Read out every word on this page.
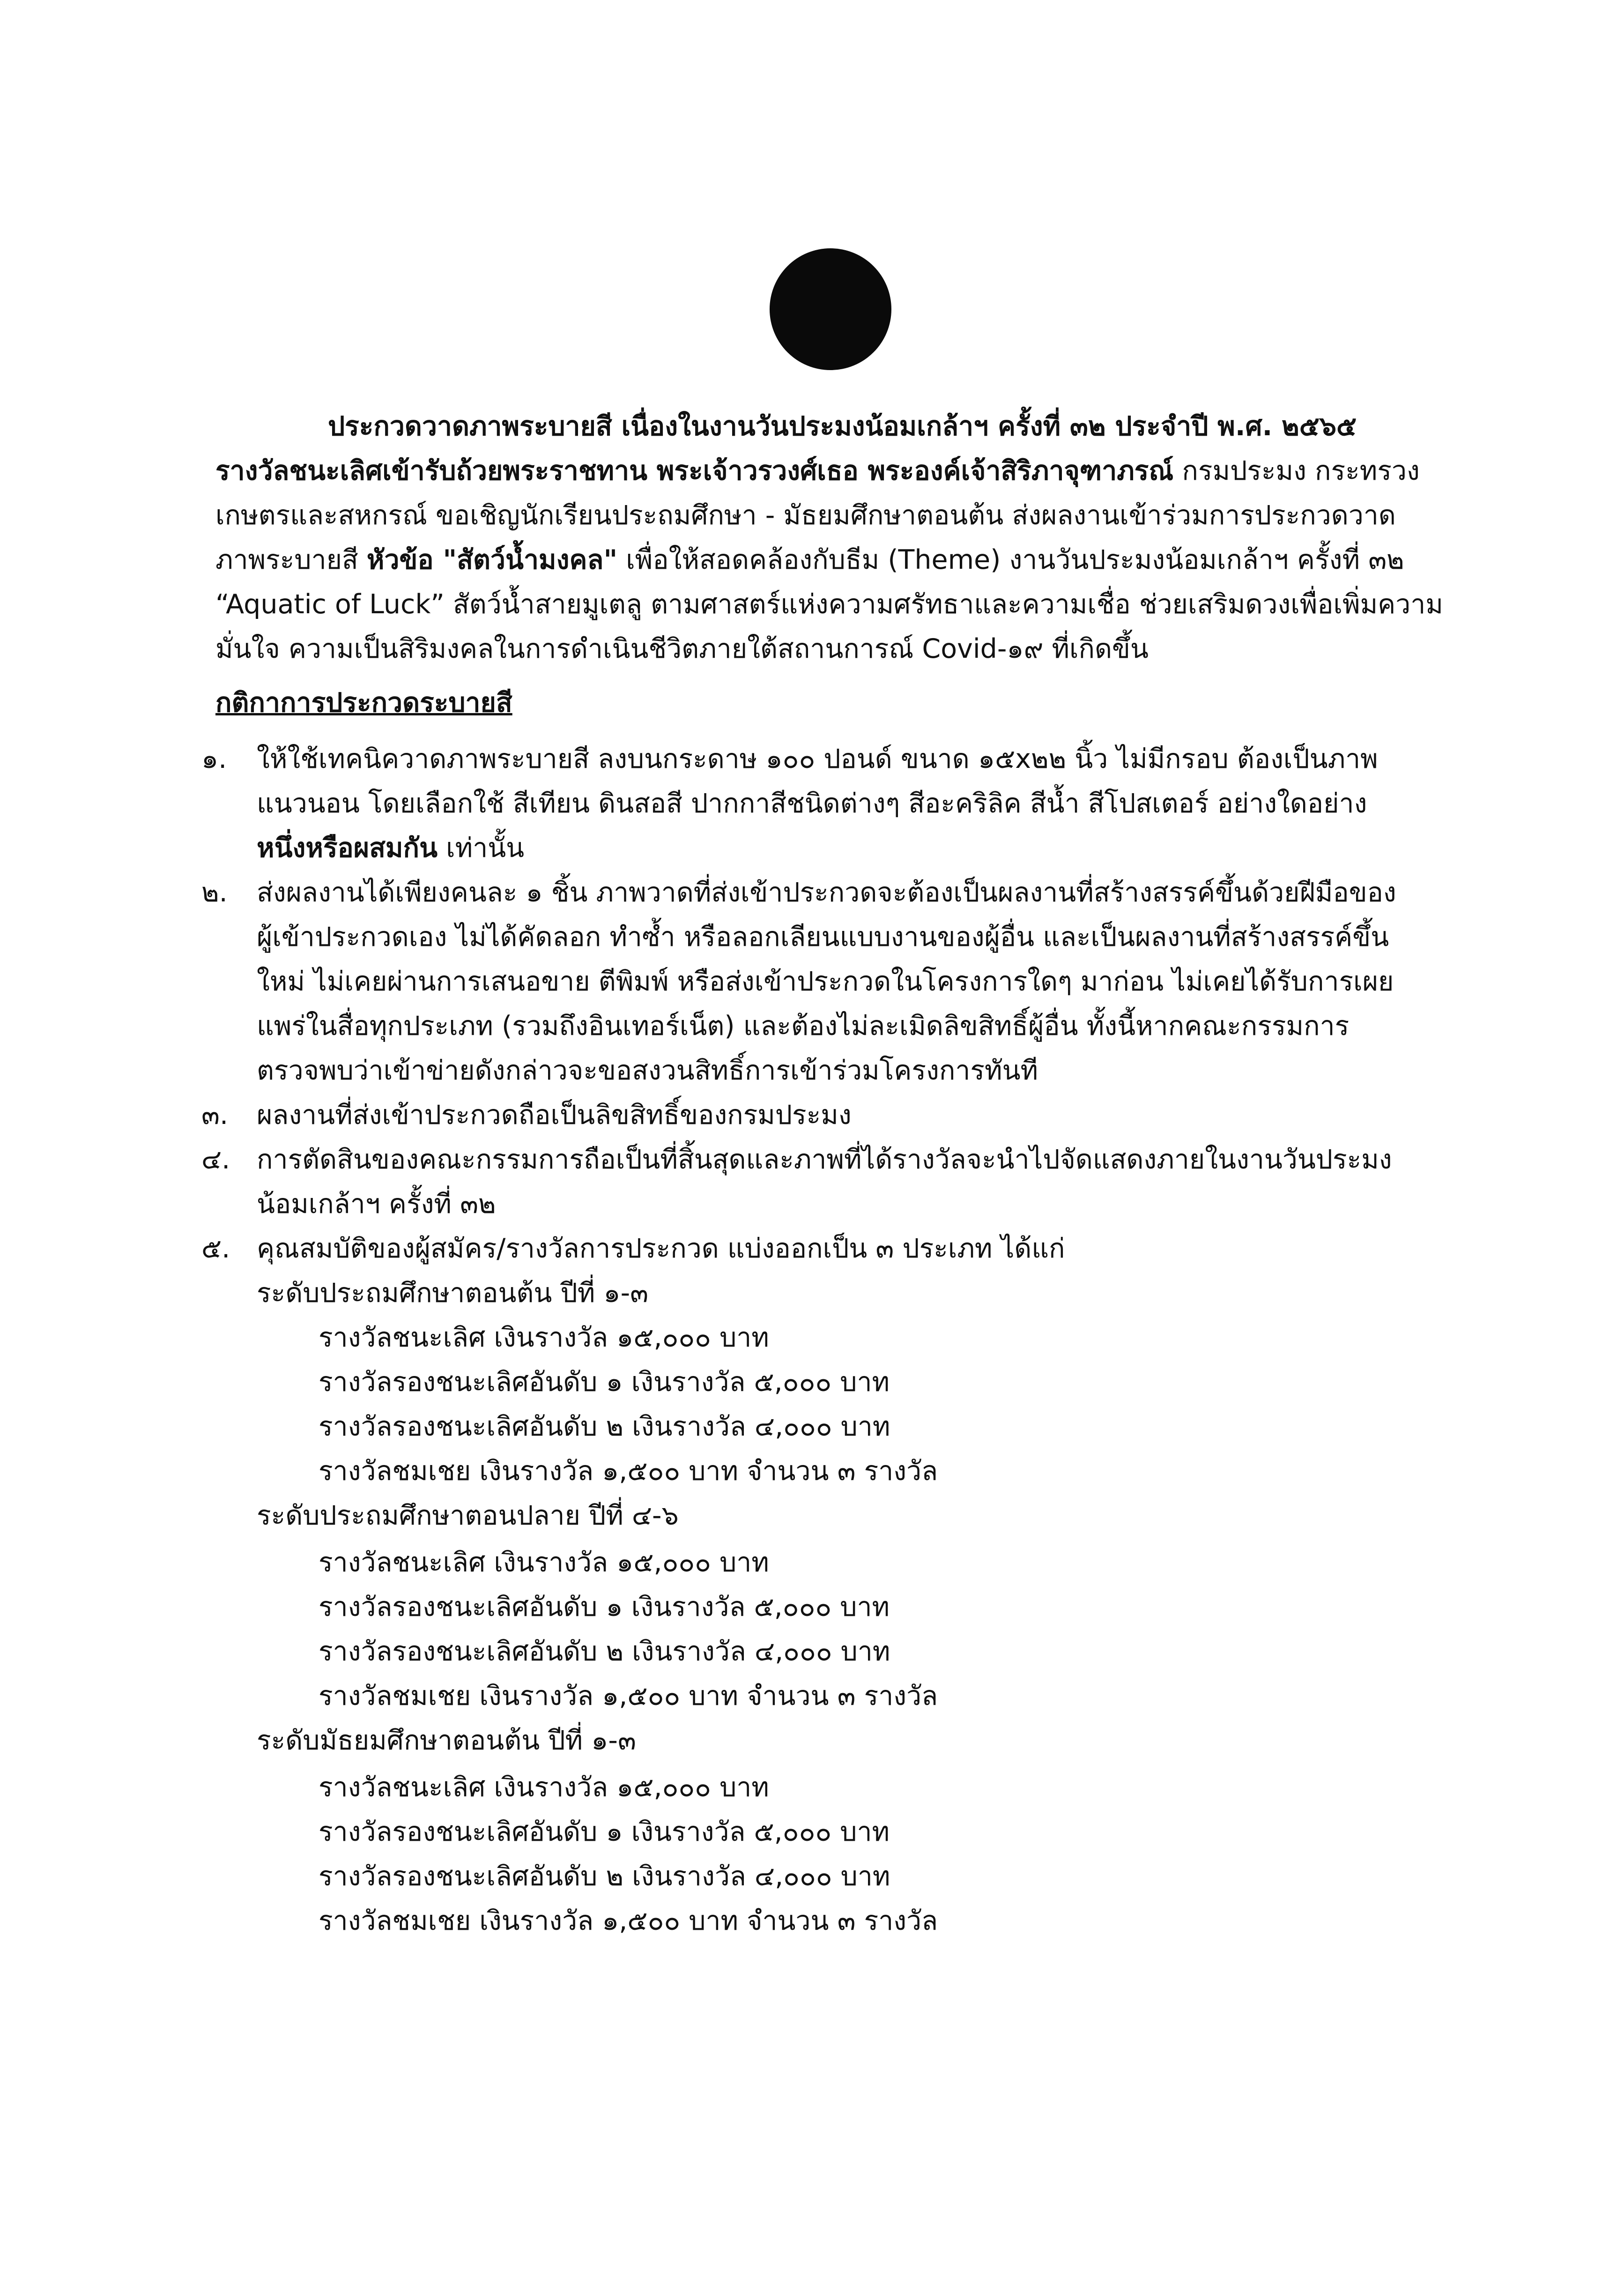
ประกวดวาดภาพระบายสี เนื่องในงานวันประมงน้อมเกล้าฯ ครั้งที่ ๓๒ ประจำปี พ.ศ. ๒๕๖๕
รางวัลชนะเลิศเข้ารับถ้วยพระราชทาน พระเจ้าวรวงศ์เธอ พระองค์เจ้าสิริภาจุฑาภรณ์ กรมประมง กระทรวง
เกษตรและสหกรณ์ ขอเชิญนักเรียนประถมศึกษา - มัธยมศึกษาตอนต้น ส่งผลงานเข้าร่วมการประกวดวาด
ภาพระบายสี หัวข้อ "สัตว์น้ำมงคล" เพื่อให้สอดคล้องกับธีม (Theme) งานวันประมงน้อมเกล้าฯ ครั้งที่ ๓๒
“Aquatic of Luck” สัตว์น้ำสายมูเตลู ตามศาสตร์แห่งความศรัทธาและความเชื่อ ช่วยเสริมดวงเพื่อเพิ่มความ
มั่นใจ ความเป็นสิริมงคลในการดำเนินชีวิตภายใต้สถานการณ์ Covid-๑๙ ที่เกิดขึ้น
กติกาการประกวดระบายสี
๑. ให้ใช้เทคนิควาดภาพระบายสี ลงบนกระดาษ ๑๐๐ ปอนด์ ขนาด ๑๕x๒๒ นิ้ว ไม่มีกรอบ ต้องเป็นภาพ
แนวนอน โดยเลือกใช้ สีเทียน ดินสอสี ปากกาสีชนิดต่างๆ สีอะคริลิค สีน้ำ สีโปสเตอร์ อย่างใดอย่าง
หนึ่งหรือผสมกัน เท่านั้น
๒. ส่งผลงานได้เพียงคนละ ๑ ชิ้น ภาพวาดที่ส่งเข้าประกวดจะต้องเป็นผลงานที่สร้างสรรค์ขึ้นด้วยฝีมือของ
ผู้เข้าประกวดเอง ไม่ได้คัดลอก ทำซ้ำ หรือลอกเลียนแบบงานของผู้อื่น และเป็นผลงานที่สร้างสรรค์ขึ้น
ใหม่ ไม่เคยผ่านการเสนอขาย ตีพิมพ์ หรือส่งเข้าประกวดในโครงการใดๆ มาก่อน ไม่เคยได้รับการเผย
แพร่ในสื่อทุกประเภท (รวมถึงอินเทอร์เน็ต) และต้องไม่ละเมิดลิขสิทธิ์ผู้อื่น ทั้งนี้หากคณะกรรมการ
ตรวจพบว่าเข้าข่ายดังกล่าวจะขอสงวนสิทธิ์การเข้าร่วมโครงการทันที
๓. ผลงานที่ส่งเข้าประกวดถือเป็นลิขสิทธิ์ของกรมประมง
๔. การตัดสินของคณะกรรมการถือเป็นที่สิ้นสุดและภาพที่ได้รางวัลจะนำไปจัดแสดงภายในงานวันประมง
น้อมเกล้าฯ ครั้งที่ ๓๒
๕. คุณสมบัติของผู้สมัคร/รางวัลการประกวด แบ่งออกเป็น ๓ ประเภท ได้แก่
ระดับประถมศึกษาตอนต้น ปีที่ ๑-๓
รางวัลชนะเลิศ เงินรางวัล ๑๕,๐๐๐ บาท
รางวัลรองชนะเลิศอันดับ ๑ เงินรางวัล ๕,๐๐๐ บาท
รางวัลรองชนะเลิศอันดับ ๒ เงินรางวัล ๔,๐๐๐ บาท
รางวัลชมเชย เงินรางวัล ๑,๕๐๐ บาท จำนวน ๓ รางวัล
ระดับประถมศึกษาตอนปลาย ปีที่ ๔-๖
รางวัลชนะเลิศ เงินรางวัล ๑๕,๐๐๐ บาท
รางวัลรองชนะเลิศอันดับ ๑ เงินรางวัล ๕,๐๐๐ บาท
รางวัลรองชนะเลิศอันดับ ๒ เงินรางวัล ๔,๐๐๐ บาท
รางวัลชมเชย เงินรางวัล ๑,๕๐๐ บาท จำนวน ๓ รางวัล
ระดับมัธยมศึกษาตอนต้น ปีที่ ๑-๓
รางวัลชนะเลิศ เงินรางวัล ๑๕,๐๐๐ บาท
รางวัลรองชนะเลิศอันดับ ๑ เงินรางวัล ๕,๐๐๐ บาท
รางวัลรองชนะเลิศอันดับ ๒ เงินรางวัล ๔,๐๐๐ บาท
รางวัลชมเชย เงินรางวัล ๑,๕๐๐ บาท จำนวน ๓ รางวัล
